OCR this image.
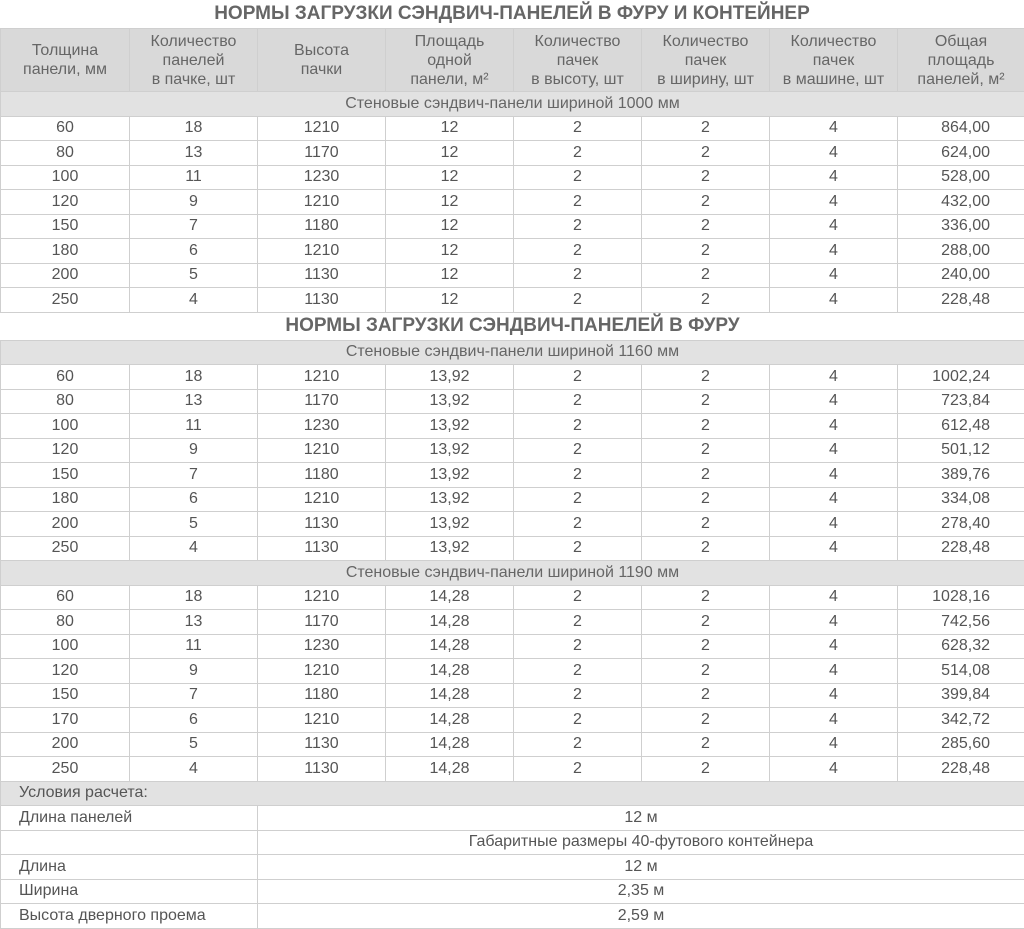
НОРМЫ ЗАГРУЗКИ СЭНДВИЧ-ПАНЕЛЕЙ В ФУРУ И КОНТЕЙНЕР
Толщина
панели, мм	Количество
панелей
в пачке, шт	Высота
пачки	Площадь
одной
панели, м²	Количество
пачек
в высоту, шт	Количество
пачек
в ширину, шт	Количество
пачек
в машине, шт	Общая
площадь
панелей, м²
Стеновые сэндвич-панели шириной 1000 мм							
60	18	1210	12	2	2	4	864,00
80	13	1170	12	2	2	4	624,00
100	11	1230	12	2	2	4	528,00
120	9	1210	12	2	2	4	432,00
150	7	1180	12	2	2	4	336,00
180	6	1210	12	2	2	4	288,00
200	5	1130	12	2	2	4	240,00
250	4	1130	12	2	2	4	228,48
НОРМЫ ЗАГРУЗКИ СЭНДВИЧ-ПАНЕЛЕЙ В ФУРУ							
Стеновые сэндвич-панели шириной 1160 мм							
60	18	1210	13,92	2	2	4	1002,24
80	13	1170	13,92	2	2	4	723,84
100	11	1230	13,92	2	2	4	612,48
120	9	1210	13,92	2	2	4	501,12
150	7	1180	13,92	2	2	4	389,76
180	6	1210	13,92	2	2	4	334,08
200	5	1130	13,92	2	2	4	278,40
250	4	1130	13,92	2	2	4	228,48
Стеновые сэндвич-панели шириной 1190 мм							
60	18	1210	14,28	2	2	4	1028,16
80	13	1170	14,28	2	2	4	742,56
100	11	1230	14,28	2	2	4	628,32
120	9	1210	14,28	2	2	4	514,08
150	7	1180	14,28	2	2	4	399,84
170	6	1210	14,28	2	2	4	342,72
200	5	1130	14,28	2	2	4	285,60
250	4	1130	14,28	2	2	4	228,48
Условия расчета:							
Длина панелей		12 м					
		Габаритные размеры 40-футового контейнера					
Длина		12 м					
Ширина		2,35 м					
Высота дверного проема		2,59 м					
